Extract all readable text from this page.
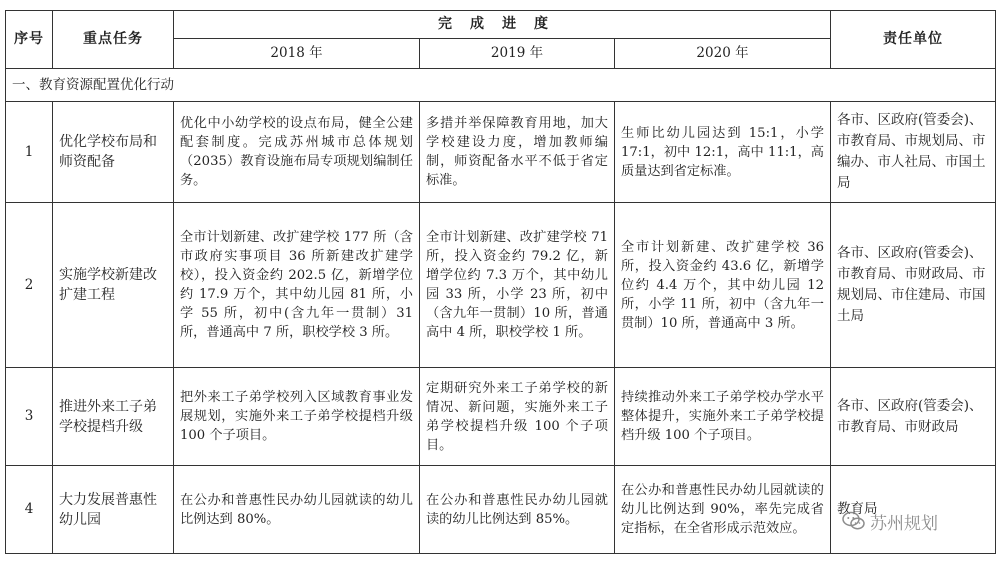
序号	重点任务	完成进度			责任单位
		2018 年	2019 年	2020 年	
一、教育资源配置优化行动					
1	优化学校布局和师资配备	优化中小幼学校的设点布局，健全公建配套制度。完成苏州城市总体规划（2035）教育设施布局专项规划编制任务。	多措并举保障教育用地，加大学校建设力度，增加教师编制，师资配备水平不低于省定标准。	生师比幼儿园达到 15:1，小学 17:1，初中 12:1，高中 11:1，高质量达到省定标准。	各市、区政府(管委会)、市教育局、市规划局、市编办、市人社局、市国土局
2	实施学校新建改扩建工程	全市计划新建、改扩建学校 177 所（含市政府实事项目 36 所新建改扩建学校），投入资金约 202.5 亿，新增学位约 17.9 万个，其中幼儿园 81 所，小学 55 所，初中(含九年一贯制）31 所，普通高中 7 所，职校学校 3 所。	全市计划新建、改扩建学校 71 所，投入资金约 79.2 亿，新增学位约 7.3 万个，其中幼儿园 33 所，小学 23 所，初中（含九年一贯制）10 所，普通高中 4 所，职校学校 1 所。	全市计划新建、改扩建学校 36 所，投入资金约 43.6 亿，新增学位约 4.4 万个，其中幼儿园 12 所，小学 11 所，初中（含九年一贯制）10 所，普通高中 3 所。	各市、区政府(管委会)、市教育局、市财政局、市规划局、市住建局、市国土局
3	推进外来工子弟学校提档升级	把外来工子弟学校列入区域教育事业发展规划，实施外来工子弟学校提档升级 100 个子项目。	定期研究外来工子弟学校的新情况、新问题，实施外来工子弟学校提档升级 100 个子项目。	持续推动外来工子弟学校办学水平整体提升，实施外来工子弟学校提档升级 100 个子项目。	各市、区政府(管委会)、市教育局、市财政局
4	大力发展普惠性幼儿园	在公办和普惠性民办幼儿园就读的幼儿比例达到 80%。	在公办和普惠性民办幼儿园就读的幼儿比例达到 85%。	在公办和普惠性民办幼儿园就读的幼儿比例达到 90%，率先完成省定指标，在全省形成示范效应。	教育局
苏州规划
